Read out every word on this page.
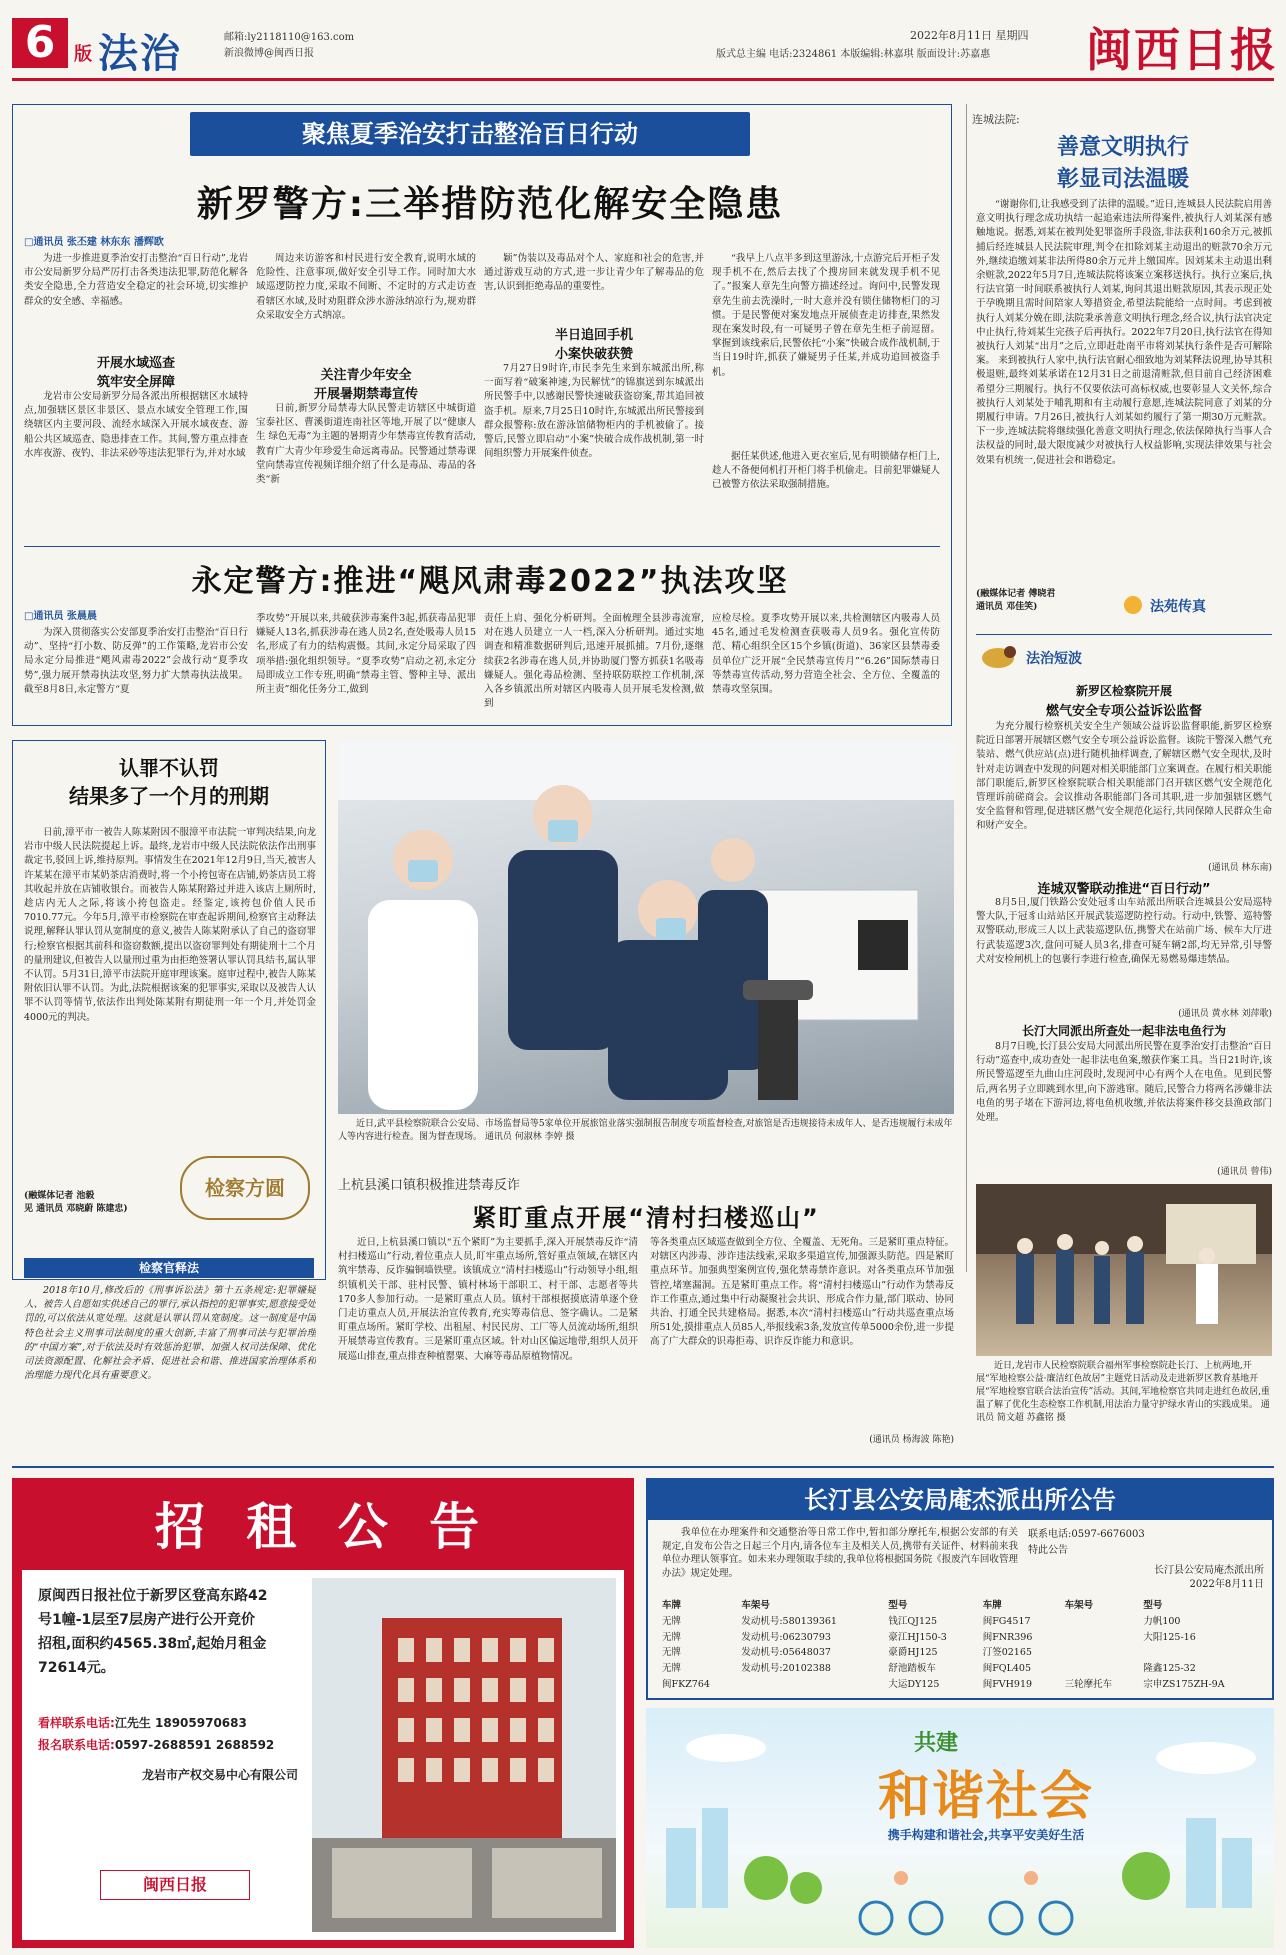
6	版 法治	邮箱:ly2118110@163.com
新浪微博@闽西日报
2022年8月11日 星期四
版式总主编 电话:2324861 本版编辑:林嘉琪 版面设计:苏嘉惠 闽西日报
聚焦夏季治安打击整治百日行动
新罗警方:三举措防范化解安全隐患
□通讯员 张丕建 林东东 潘辉欧

为进一步推进夏季治安打击整治“百日行动”,龙岩市公安局新罗分局严厉打击各类违法犯罪,防范化解各类安全隐患,全力营造安全稳定的社会环境,切实维护群众的安全感、幸福感。

开展水域巡查
筑牢安全屏障

龙岩市公安局新罗分局各派出所根据辖区水域特点,加强辖区景区非景区、景点水域安全管理工作,围绕辖区内主要河段、流经水域深入开展水域夜查、游船公共区域巡查、隐患排查工作。其间,警方重点排查水库夜游、夜钓、非法采砂等违法犯罪行为,并对水域

周边来访游客和村民进行安全教育,说明水域的危险性、注意事项,做好安全引导工作。同时加大水域巡逻防控力度,采取不间断、不定时的方式走访查看辖区水域,及时劝阻群众涉水游泳纳凉行为,规劝群众采取安全方式纳凉。

关注青少年安全
开展暑期禁毒宣传

日前,新罗分局禁毒大队民警走访辖区中城街道宝泰社区、曹溪街道连南社区等地,开展了以“健康人生 绿色无毒”为主题的暑期青少年禁毒宣传教育活动,教育广大青少年珍爱生命远离毒品。民警通过禁毒课堂向禁毒宣传视频详细介绍了什么是毒品、毒品的各类“新

颖”伪装以及毒品对个人、家庭和社会的危害,并通过游戏互动的方式,进一步让青少年了解毒品的危害,认识到拒绝毒品的重要性。

半日追回手机
小案快破获赞

7月27日9时许,市民李先生来到东城派出所,称一面写着“破案神速,为民解忧”的锦旗送到东城派出所民警手中,以感谢民警快速破获盗窃案,帮其追回被盗手机。原来,7月25日10时许,东城派出所民警接到群众报警称:放在游泳馆储物柜内的手机被偷了。接警后,民警立即启动“小案”快破合成作战机制,第一时间组织警力开展案件侦查。

“我早上八点半多到这里游泳,十点游完后开柜子发现手机不在,然后去找了个搜房回来就发现手机不见了。”报案人章先生向警方描述经过。询问中,民警发现章先生前去洗澡时,一时大意并没有锁住储物柜门的习惯。于是民警便对案发地点开展侦查走访排查,果然发现在案发时段,有一可疑男子曾在章先生柜子前逗留。掌握到该线索后,民警依托“小案”快破合成作战机制,于当日19时许,抓获了嫌疑男子任某,并成功追回被盗手机。

据任某供述,他进入更衣室后,见有明锁储存柜门上,趁人不备便伺机打开柜门将手机偷走。目前犯罪嫌疑人已被警方依法采取强制措施。

永定警方:推进“飓风肃毒2022”执法攻坚
□通讯员 张晨晨

为深入贯彻落实公安部夏季治安打击整治“百日行动”、坚持“打小数、防反弹”的工作策略,龙岩市公安局永定分局推进“飓风肃毒2022”会战行动“夏季攻势”,强力展开禁毒执法攻坚,努力扩大禁毒执法战果。截至8月8日,永定警方“夏

季攻势”开展以来,共破获涉毒案件3起,抓获毒品犯罪嫌疑人13名,抓获涉毒在逃人员2名,查处吸毒人员15名,形成了有力的结构震慑。其间,永定分局采取了四项举措:强化组织领导。“夏季攻势”启动之初,永定分局即成立工作专班,明确“禁毒主管、警种主导、派出所主责”细化任务分工,做到

责任上肩、强化分析研判。全面梳理全县涉毒流窜,对在逃人员建立一人一档,深入分析研判。通过实地调查和精准数据研判后,迅速开展抓捕。7月份,逐继续获2名涉毒在逃人员,并协助厦门警方抓获1名吸毒嫌疑人。强化毒品检测、坚持联防联控工作机制,深入各乡镇派出所对辖区内吸毒人员开展毛发检测,做到

应检尽检。夏季攻势开展以来,共检测辖区内吸毒人员45名,通过毛发检测查获吸毒人员9名。强化宣传防范、精心组织全区15个乡镇(街道)、36家区县禁毒委员单位广泛开展“全民禁毒宣传月”“6.26”国际禁毒日等禁毒宣传活动,努力营造全社会、全方位、全覆盖的禁毒攻坚氛围。

连城法院:
善意文明执行
彰显司法温暖

“谢谢你们,让我感受到了法律的温暖。”近日,连城县人民法院启用善意文明执行理念成功执结一起追索违法所得案件,被执行人刘某深有感触地说。据悉,刘某在被判处犯罪盗所手段盗,非法获利160余万元,被抓捕后经连城县人民法院审理,判令在扣除刘某主动退出的赃款70余万元外,继续追缴刘某非法所得80余万元并上缴国库。因刘某未主动退出剩余赃款,2022年5月7日,连城法院将该案立案移送执行。执行立案后,执行法官第一时间联系被执行人刘某,询问其退出赃款原因,其表示现正处于孕晚期且需时间陪家人筹措资金,希望法院能给一点时间。考虑到被执行人刘某分娩在即,法院秉承善意文明执行理念,经合议,执行法官决定中止执行,待刘某生完孩子后再执行。2022年7月20日,执行法官在得知被执行人刘某“出月”之后,立即赶赴南平市将刘某执行条件是否可解除案。 来到被执行人家中,执行法官耐心细致地为刘某释法说理,协导其积极退赃,最终刘某承诺在12月31日之前退清赃款,但目前自己经济困难希望分三期履行。执行不仅要依法可高标权威,也要彰显人文关怀,综合被执行人刘某处于哺乳期和有主动履行意愿,连城法院同意了刘某的分期履行申请。7月26日,被执行人刘某如约履行了第一期30万元赃款。下一步,连城法院将继续强化善意文明执行理念,依法保障执行当事人合法权益的同时,最大限度减少对被执行人权益影响,实现法律效果与社会效果有机统一,促进社会和谐稳定。

(融媒体记者 傅晓君
通讯员 邓佳笑)	法苑传真
法治短波
新罗区检察院开展
燃气安全专项公益诉讼监督

为充分履行检察机关安全生产领域公益诉讼监督职能,新罗区检察院近日部署开展辖区燃气安全专项公益诉讼监督。该院干警深入燃气充装站、燃气供应站(点)进行随机抽样调查,了解辖区燃气安全现状,及时针对走访调查中发现的问题对相关职能部门立案调查。在履行相关职能部门职能后,新罗区检察院联合相关职能部门召开辖区燃气安全规范化管理诉前磋商会。会议推动各职能部门各司其职,进一步加强辖区燃气安全监督和管理,促进辖区燃气安全规范化运行,共同保障人民群众生命和财产安全。

(通讯员 林东南)
连城双警联动推进“百日行动”

8月5日,厦门铁路公安处冠豸山车站派出所联合连城县公安局巡特警大队,于冠豸山站站区开展武装巡逻防控行动。行动中,铁警、巡特警双警联动,形成三人以上武装巡逻队伍,携警犬在站前广场、候车大厅进行武装巡逻3次,盘问可疑人员3名,排查可疑车辆2部,均无异常,引导警犬对安检闸机上的包裹行李进行检查,确保无易燃易爆违禁品。

(通讯员 黄水林 刘萍歌)
长汀大同派出所查处一起非法电鱼行为

8月7日晚,长汀县公安局大同派出所民警在夏季治安打击整治“百日行动”巡查中,成功查处一起非法电鱼案,缴获作案工具。当日21时许,该所民警巡逻至九曲山庄河段时,发现河中心有两个人在电鱼。见到民警后,两名男子立即跳到水里,向下游逃窜。随后,民警合力将两名涉嫌非法电鱼的男子堵在下游河边,将电鱼机收缴,并依法将案件移交县渔政部门处理。

(通讯员 曾伟)

近日,龙岩市人民检察院联合福州军事检察院赴长汀、上杭两地,开展“军地检察公益·廉洁红色故居”主题党日活动及走进新罗区教育基地开展“军地检察官联合法治宣传”活动。其间,军地检察官共同走进红色故居,重温了解了优化生态检察工作机制,用法治力量守护绿水青山的实践成果。 通讯员 简文超 苏鑫铭 摄

认罪不认罚
结果多了一个月的刑期

日前,漳平市一被告人陈某附因不服漳平市法院一审判决结果,向龙岩市中级人民法院提起上诉。最终,龙岩市中级人民法院依法作出刑事裁定书,驳回上诉,维持原判。事情发生在2021年12月9日,当天,被害人许某某在漳平市某奶茶店消费时,将一个小挎包寄在店铺,奶茶店员工将其收起并放在店铺收银台。而被告人陈某附路过并进入该店上厕所时,趁店内无人之际,将该小挎包盗走。经鉴定,该挎包价值人民币7010.77元。今年5月,漳平市检察院在审查起诉期间,检察官主动释法说理,解释认罪认罚从宽制度的意义,被告人陈某附承认了自己的盗窃罪行;检察官根据其前科和盗窃数额,提出以盗窃罪判处有期徒刑十二个月的量刑建议,但被告人以量刑过重为由拒绝签署认罪认罚具结书,属认罪不认罚。5月31日,漳平市法院开庭审理该案。庭审过程中,被告人陈某附依旧认罪不认罚。为此,法院根据该案的犯罪事实,采取以及被告人认罪不认罚等情节,依法作出判处陈某附有期徒刑一年一个月,并处罚金4000元的判决。

(融媒体记者 池毅
见 通讯员 邓晓蔚 陈建忠)
检察方圆
检察官释法

2018年10月,修改后的《刑事诉讼法》第十五条规定:犯罪嫌疑人、被告人自愿如实供述自己的罪行,承认指控的犯罪事实,愿意接受处罚的,可以依法从宽处理。这就是认罪认罚从宽制度。这一制度是中国特色社会主义刑事司法制度的重大创新,丰富了刑事司法与犯罪治理的“中国方案”,对于依法及时有效惩治犯罪、加强人权司法保障、优化司法资源配置、化解社会矛盾、促进社会和谐、推进国家治理体系和治理能力现代化具有重要意义。

近日,武平县检察院联合公安局、市场监督局等5家单位开展旅馆业落实强制报告制度专项监督检查,对旅馆是否违规接待未成年人、是否违规履行未成年人等内容进行检查。图为督查现场。 通讯员 何淑林 李婷 摄

上杭县溪口镇积极推进禁毒反诈
紧盯重点开展“清村扫楼巡山”

近日,上杭县溪口镇以“五个紧盯”为主要抓手,深入开展禁毒反诈“清村扫楼巡山”行动,着位重点人员,盯牢重点场所,管好重点领域,在辖区内筑牢禁毒、反诈骗铜墙铁壁。该镇成立“清村扫楼巡山”行动领导小组,组织镇机关干部、驻村民警、镇村林场干部职工、村干部、志愿者等共170多人参加行动。一是紧盯重点人员。镇村干部根据摸底清单逐个登门走访重点人员,开展法治宣传教育,充实筹毒信息、签字确认。二是紧盯重点场所。紧盯学校、出租屋、村民民房、工厂等人员流动场所,组织开展禁毒宣传教育。三是紧盯重点区域。针对山区偏远地带,组织人员开展巡山排查,重点排查种植罂粟、大麻等毒品原植物情况。

等各类重点区域巡查做到全方位、全覆盖、无死角。三是紧盯重点特征。对辖区内涉毒、涉诈违法线索,采取多渠道宣传,加强源头防范。四是紧盯重点环节。加强典型案例宣传,强化禁毒禁诈意识。对各类重点环节加强管控,堵塞漏洞。五是紧盯重点工作。将“清村扫楼巡山”行动作为禁毒反诈工作重点,通过集中行动凝聚社会共识、形成合作力量,部门联动、协同共治、打通全民共建格局。据悉,本次“清村扫楼巡山”行动共巡查重点场所51处,摸排重点人员85人,举报线索3条,发放宣传单5000余份,进一步提高了广大群众的识毒拒毒、识诈反诈能力和意识。

(通讯员 杨海波 陈艳)
招 租 公 告

原闽西日报社位于新罗区登高东路42号1幢-1层至7层房产进行公开竞价招租,面积约4565.38㎡,起始月租金72614元。

看样联系电话:江先生 18905970683
报名联系电话:0597-2688591 2688592
龙岩市产权交易中心有限公司
闽西日报
长汀县公安局庵杰派出所公告

我单位在办理案件和交通整治等日常工作中,暂扣部分摩托车,根据公安部的有关规定,自发布公告之日起三个月内,请各位车主及相关人员,携带有关证件、材料前来我单位办理认领事宜。如未来办理领取手续的,我单位将根据国务院《报废汽车回收管理办法》规定处理。

联系电话:0597-6676003
特此公告
长汀县公安局庵杰派出所
2022年8月11日
车牌	车架号	型号	车牌	车架号	型号
无牌	发动机号:580139361	钱江QJ125	闽FG4517		力帆100
无牌	发动机号:06230793	豪江HJ150-3	闽FNR396		大阳125-16
无牌	发动机号:05648037	豪爵HJ125	汀签02165		
无牌	发动机号:20102388	舒池踏板车	闽FQL405		隆鑫125-32
闽FKZ764		大运DY125	闽FVH919	三轮摩托车	宗申ZS175ZH-9A
共建
和谐社会
携手构建和谐社会,共享平安美好生活
